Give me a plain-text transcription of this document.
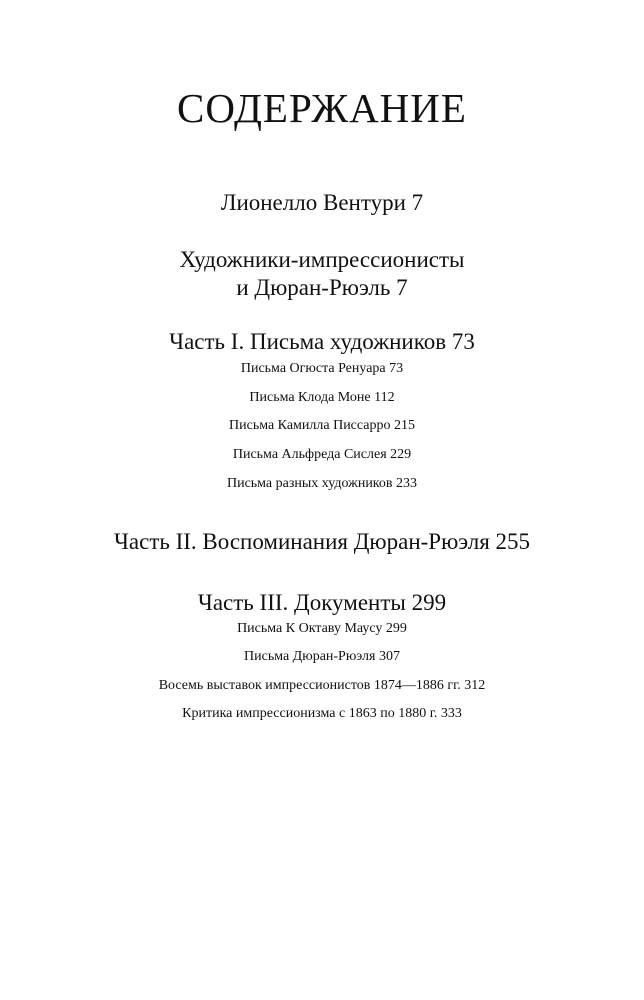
СОДЕРЖАНИЕ
Лионелло Вентури 7
Художники-импрессионисты
и Дюран-Рюэль 7
Часть I. Письма художников 73
Письма Огюста Ренуара 73
Письма Клода Моне 112
Письма Камилла Писсарро 215
Письма Альфреда Сислея 229
Письма разных художников 233
Часть II. Воспоминания Дюран-Рюэля 255
Часть III. Документы 299
Письма К Октаву Маусу 299
Письма Дюран-Рюэля 307
Восемь выставок импрессионистов 1874—1886 гг. 312
Критика импрессионизма с 1863 по 1880 г. 333
